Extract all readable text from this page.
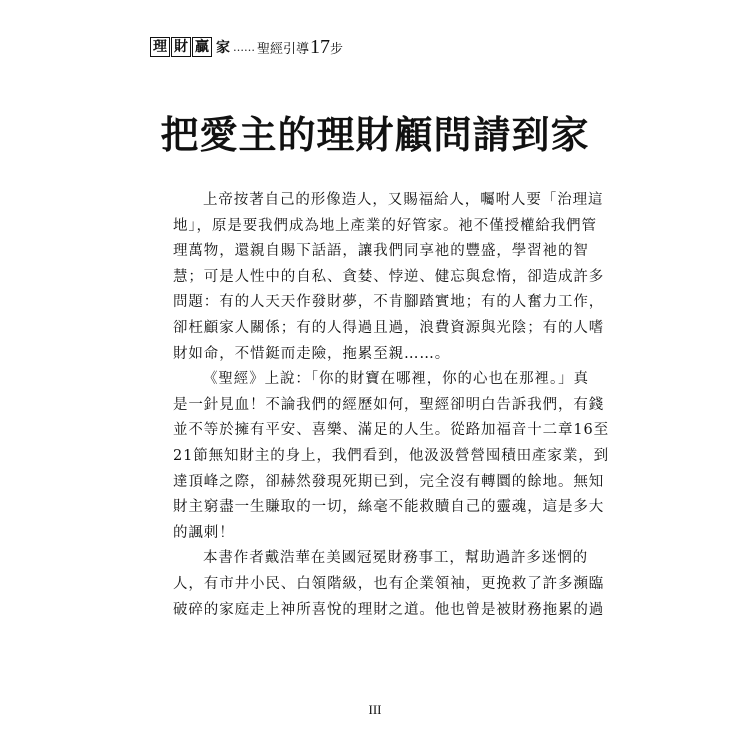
理 財 贏 家 …… 聖經引導 17 步
把愛主的理財顧問請到家
上帝按著自己的形像造人，又賜福給人，囑咐人要「治理這
地」，原是要我們成為地上產業的好管家。祂不僅授權給我們管
理萬物，還親自賜下話語，讓我們同享祂的豐盛，學習祂的智
慧；可是人性中的自私、貪婪、悖逆、健忘與怠惰，卻造成許多
問題：有的人天天作發財夢，不肯腳踏實地；有的人奮力工作，
卻枉顧家人關係；有的人得過且過，浪費資源與光陰；有的人嗜
財如命，不惜鋌而走險，拖累至親……。
《聖經》上說：「你的財寶在哪裡，你的心也在那裡。」真
是一針見血！不論我們的經歷如何，聖經卻明白告訴我們，有錢
並不等於擁有平安、喜樂、滿足的人生。從路加福音十二章16至
21節無知財主的身上，我們看到，他汲汲營營囤積田產家業，到
達頂峰之際，卻赫然發現死期已到，完全沒有轉圜的餘地。無知
財主窮盡一生賺取的一切，絲毫不能救贖自己的靈魂，這是多大
的諷刺！
本書作者戴浩華在美國冠冕財務事工，幫助過許多迷惘的
人，有市井小民、白領階級，也有企業領袖，更挽救了許多瀕臨
破碎的家庭走上神所喜悅的理財之道。他也曾是被財務拖累的過
III
